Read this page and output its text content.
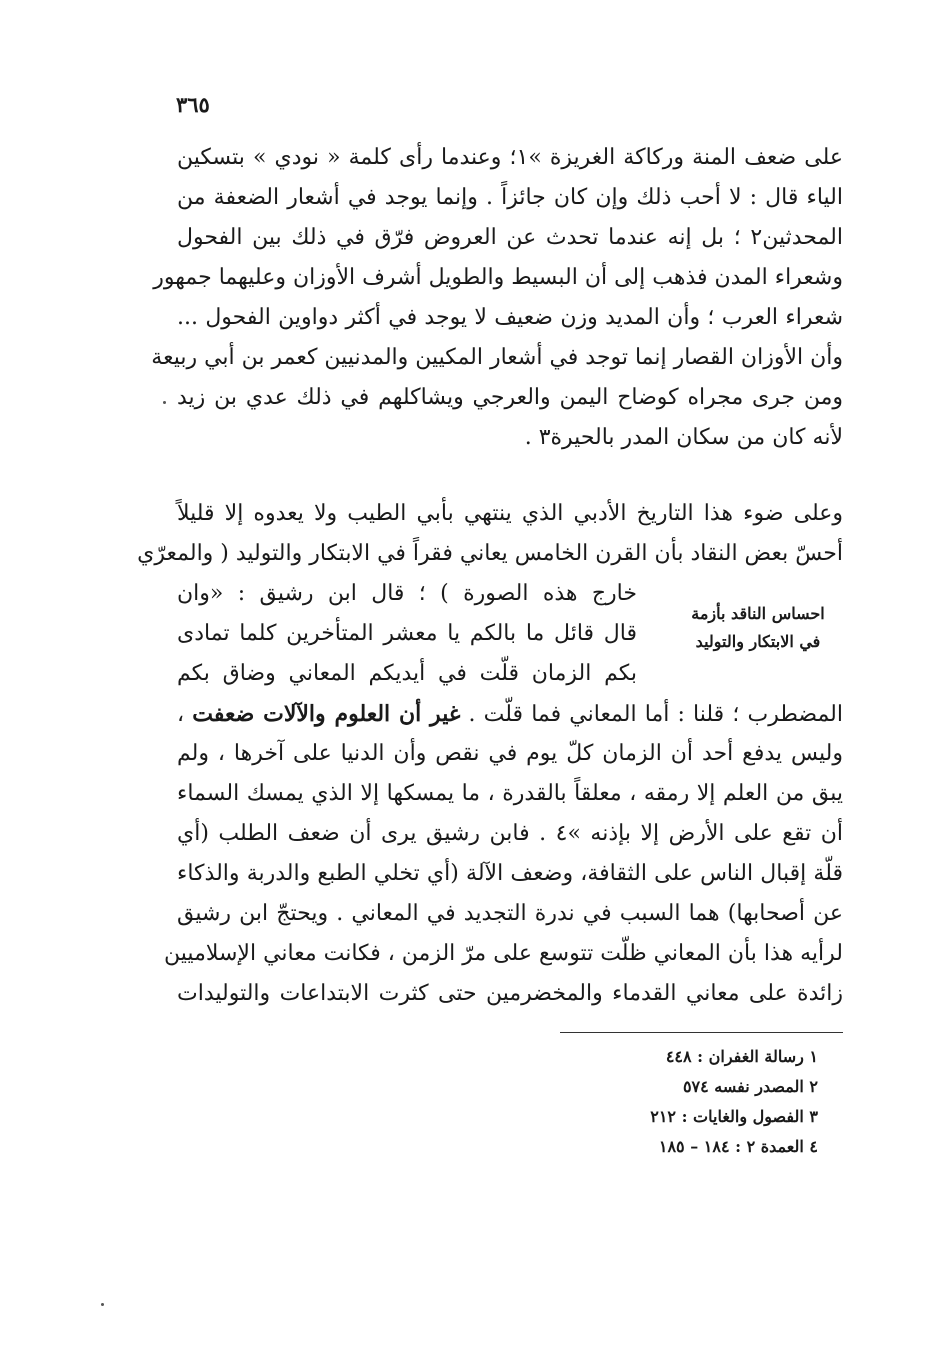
٣٦٥
على ضعف المنة وركاكة الغريزة »١؛ وعندما رأى كلمة « نودي » بتسكين
الياء قال : لا أحب ذلك وإن كان جائزاً . وإنما يوجد في أشعار الضعفة من
المحدثين٢ ؛ بل إنه عندما تحدث عن العروض فرّق في ذلك بين الفحول
وشعراء المدن فذهب إلى أن البسيط والطويل أشرف الأوزان وعليهما جمهور
شعراء العرب ؛ وأن المديد وزن ضعيف لا يوجد في أكثر دواوين الفحول ...
وأن الأوزان القصار إنما توجد في أشعار المكيين والمدنيين كعمر بن أبي ربيعة
ومن جرى مجراه كوضاح اليمن والعرجي ويشاكلهم في ذلك عدي بن زيد
لأنه كان من سكان المدر بالحيرة٣ .
وعلى ضوء هذا التاريخ الأدبي الذي ينتهي بأبي الطيب ولا يعدوه إلا قليلاً
أحسّ بعض النقاد بأن القرن الخامس يعاني فقراً في الابتكار والتوليد ( والمعرّي
خارج هذه الصورة ) ؛ قال ابن رشيق : «وان
قال قائل ما بالكم يا معشر المتأخرين كلما تمادى
بكم الزمان قلّت في أيديكم المعاني وضاق بكم
احساس الناقد بأزمة
في الابتكار والتوليد
المضطرب ؛ قلنا : أما المعاني فما قلّت . غير أن العلوم والآلات ضعفت ،
وليس يدفع أحد أن الزمان كلّ يوم في نقص وأن الدنيا على آخرها ، ولم
يبق من العلم إلا رمقه ، معلقاً بالقدرة ، ما يمسكها إلا الذي يمسك السماء
أن تقع على الأرض إلا بإذنه »٤ . فابن رشيق يرى أن ضعف الطلب (أي
قلّة إقبال الناس على الثقافة، وضعف الآلة (أي تخلي الطبع والدربة والذكاء
عن أصحابها) هما السبب في ندرة التجديد في المعاني . ويحتجّ ابن رشيق
لرأيه هذا بأن المعاني ظلّت تتوسع على مرّ الزمن ، فكانت معاني الإسلاميين
زائدة على معاني القدماء والمخضرمين حتى كثرت الابتداعات والتوليدات
١ رسالة الغفران : ٤٤٨
٢ المصدر نفسه ٥٧٤
٣ الفصول والغايات : ٢١٢
٤ العمدة ٢ : ١٨٤ – ١٨٥
